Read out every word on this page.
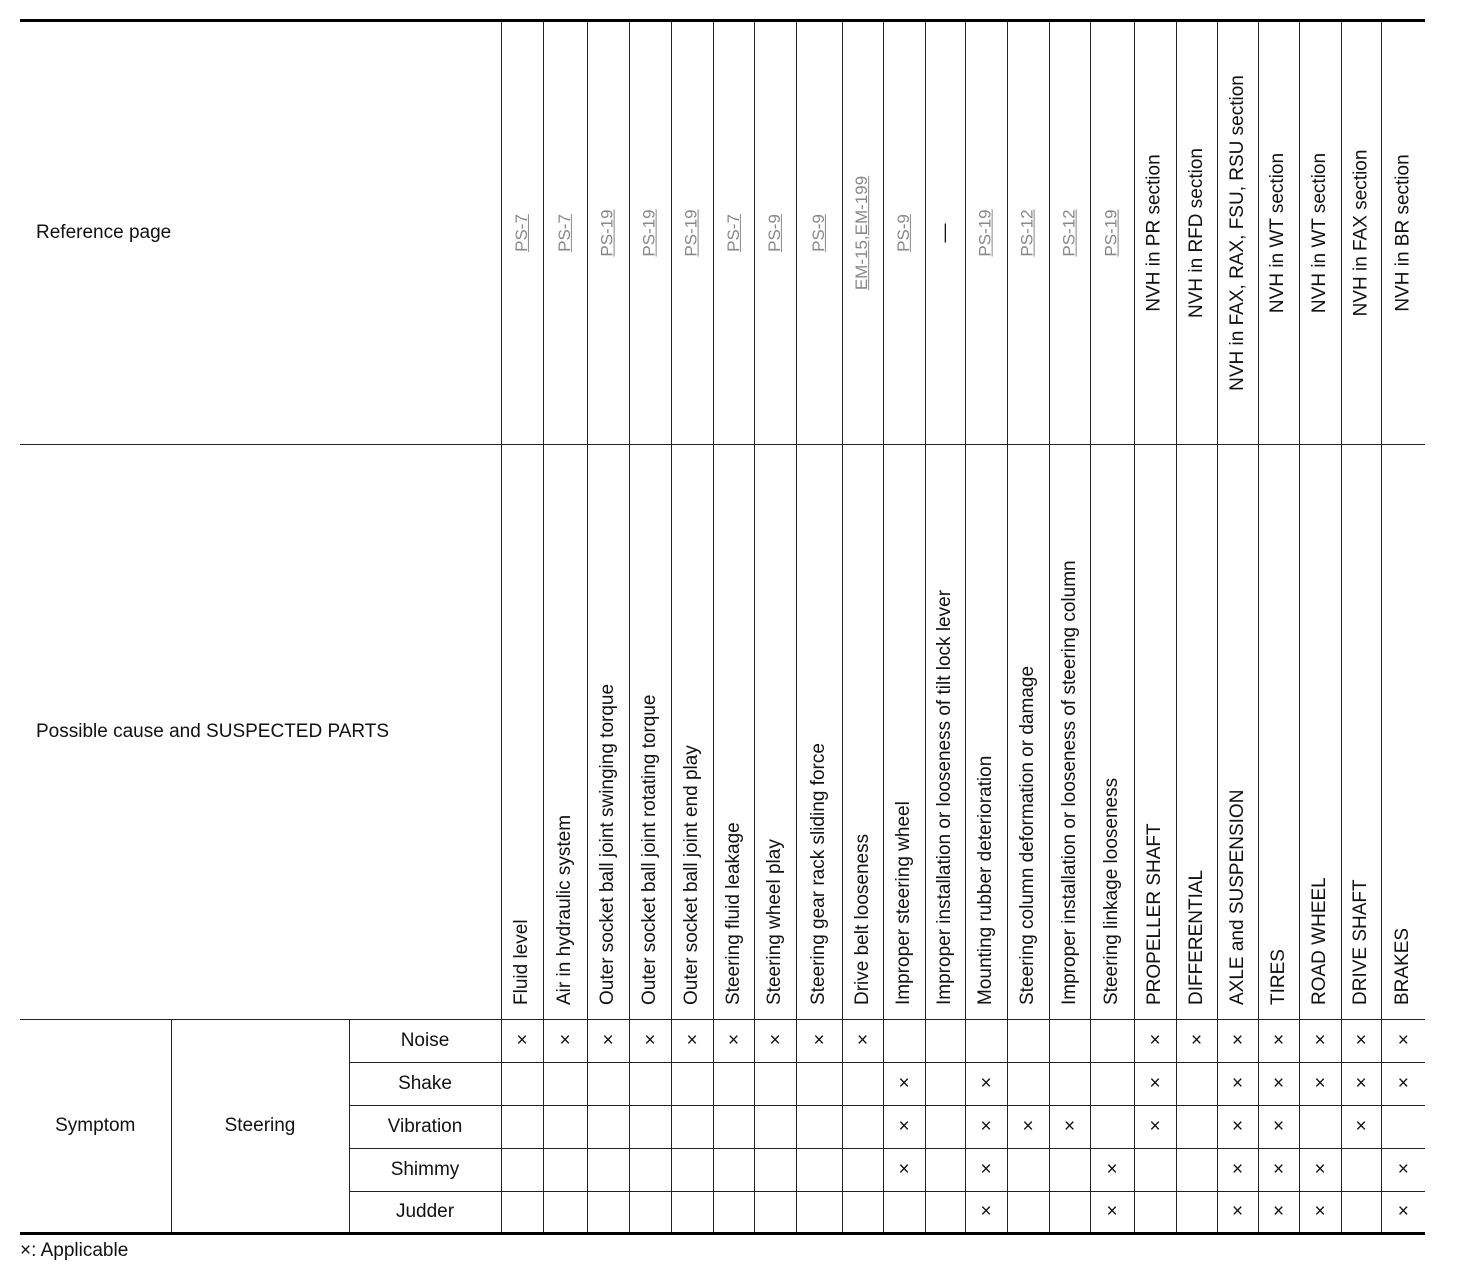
Reference page			PS-7	PS-7	PS-19	PS-19	PS-19	PS-7	PS-9	PS-9	EM-15,EM-199	PS-9	—	PS-19	PS-12	PS-12	PS-19	NVH in PR section	NVH in RFD section	NVH in FAX, RAX, FSU, RSU section	NVH in WT section	NVH in WT section	NVH in FAX section	NVH in BR section

Possible cause and SUSPECTED PARTS			Fluid level	Air in hydraulic system	Outer socket ball joint swinging torque	Outer socket ball joint rotating torque	Outer socket ball joint end play	Steering fluid leakage	Steering wheel play	Steering gear rack sliding force	Drive belt looseness	Improper steering wheel	Improper installation or looseness of tilt lock lever	Mounting rubber deterioration	Steering column deformation or damage	Improper installation or looseness of steering column	Steering linkage looseness	PROPELLER SHAFT	DIFFERENTIAL	AXLE and SUSPENSION	TIRES	ROAD WHEEL	DRIVE SHAFT	BRAKES

Symptom	Steering	Noise	×	×	×	×	×	×	×	×	×							×	×	×	×	×	×	×
		Shake										×		×				×		×	×	×	×	×
		Vibration										×		×	×	×		×		×	×		×	
		Shimmy										×		×			×			×	×	×		×
		Judder												×			×			×	×	×		×
×: Applicable
